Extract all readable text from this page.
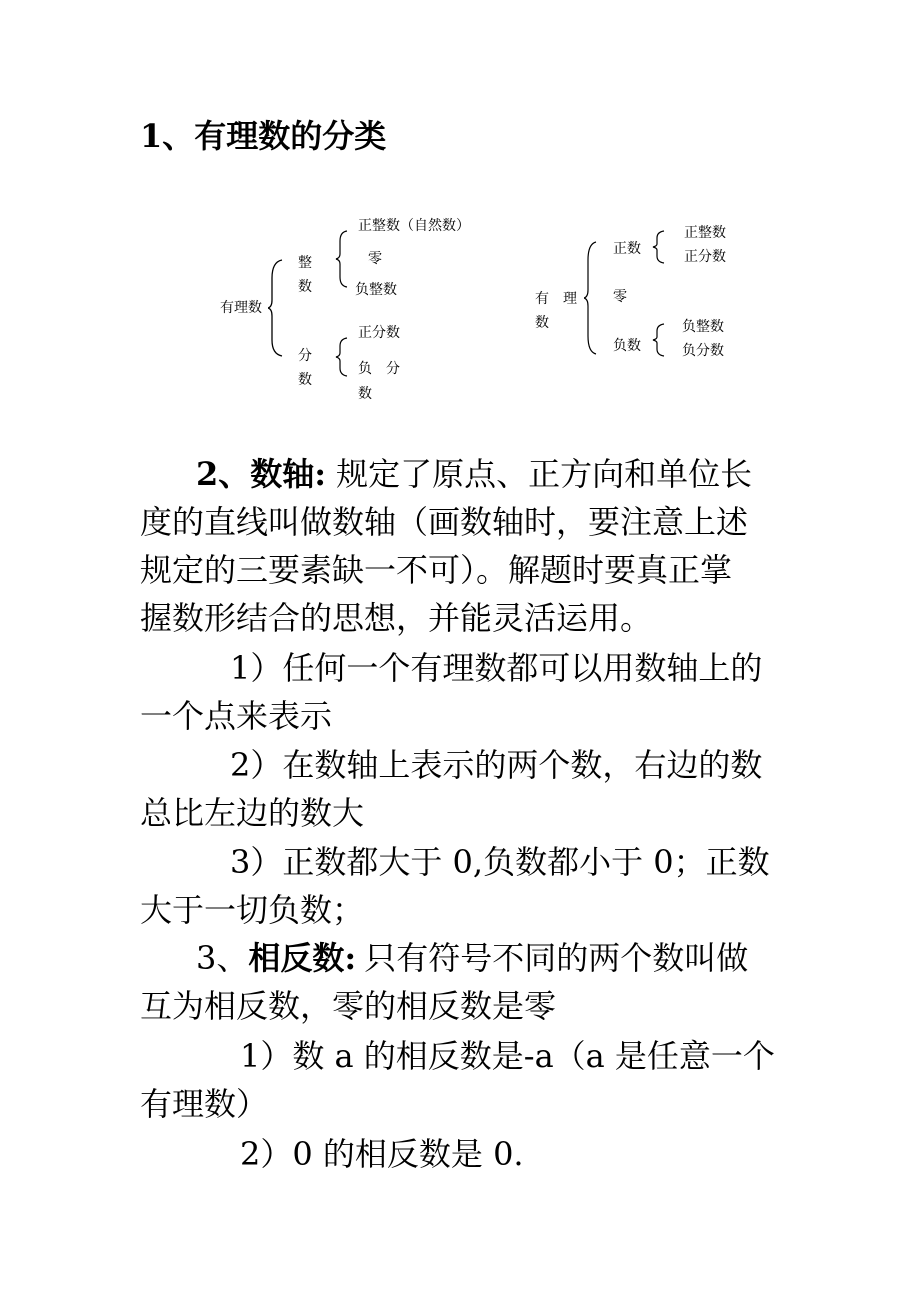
1、有理数的分类
有理数
整
数
正整数（自然数）
零
负整数
分
数
正分数
负　分
数
有　理
数
正数
正整数
正分数
零
负数
负整数
负分数
2、数轴: 规定了原点、正方向和单位长
度的直线叫做数轴（画数轴时，要注意上述
规定的三要素缺一不可）。解题时要真正掌
握数形结合的思想，并能灵活运用。
1）任何一个有理数都可以用数轴上的
一个点来表示
2）在数轴上表示的两个数，右边的数
总比左边的数大
3）正数都大于 0,负数都小于 0；正数
大于一切负数；
3、相反数: 只有符号不同的两个数叫做
互为相反数，零的相反数是零
1）数 a 的相反数是-a（a 是任意一个
有理数）
2）0 的相反数是 0.
